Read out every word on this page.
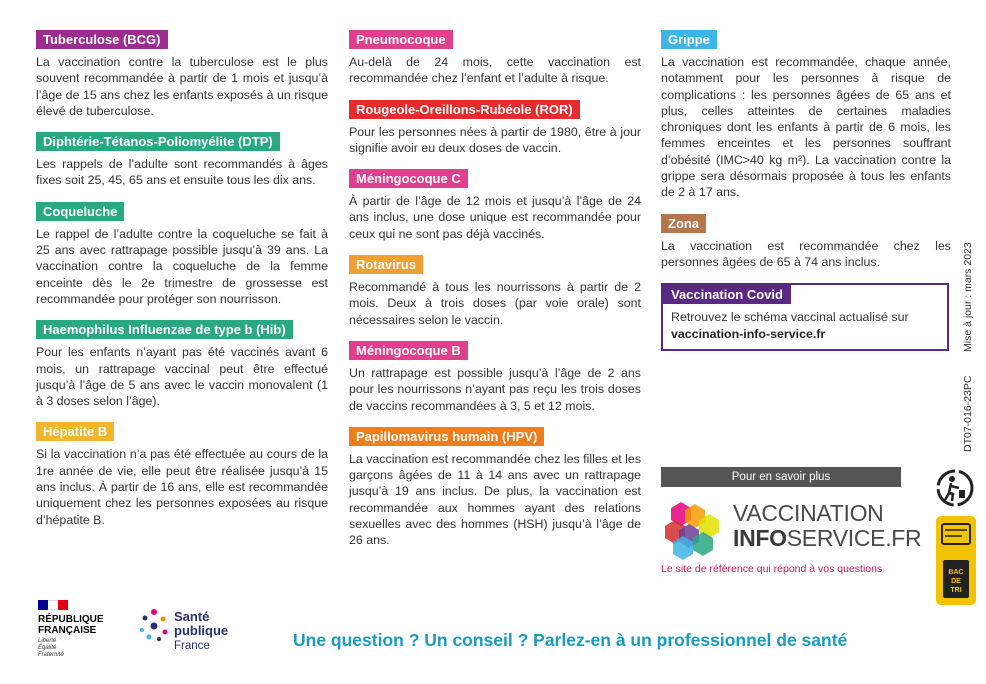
Tuberculose (BCG)

La vaccination contre la tuberculose est le plus souvent recommandée à partir de 1 mois et jusqu’à l’âge de 15 ans chez les enfants exposés à un risque élevé de tuberculose.

Diphtérie-Tétanos-Poliomyélite (DTP)

Les rappels de l’adulte sont recommandés à âges fixes soit 25, 45, 65 ans et ensuite tous les dix ans.

Coqueluche

Le rappel de l’adulte contre la coqueluche se fait à 25 ans avec rattrapage possible jusqu’à 39 ans. La vaccination contre la coqueluche de la femme enceinte dès le 2e trimestre de grossesse est recommandée pour protéger son nourrisson.

Haemophilus Influenzae de type b (Hib)

Pour les enfants n’ayant pas été vaccinés avant 6 mois, un rattrapage vaccinal peut être effectué jusqu’à l’âge de 5 ans avec le vaccin monovalent (1 à 3 doses selon l’âge).

Hépatite B

Si la vaccination n’a pas été effectuée au cours de la 1re année de vie, elle peut être réalisée jusqu’à 15 ans inclus. À partir de 16 ans, elle est recommandée uniquement chez les personnes exposées au risque d’hépatite B.

Pneumocoque

Au-delà de 24 mois, cette vaccination est recommandée chez l’enfant et l’adulte à risque.

Rougeole-Oreillons-Rubéole (ROR)

Pour les personnes nées à partir de 1980, être à jour signifie avoir eu deux doses de vaccin.

Méningocoque C

À partir de l’âge de 12 mois et jusqu’à l’âge de 24 ans inclus, une dose unique est recommandée pour ceux qui ne sont pas déjà vaccinés.

Rotavirus

Recommandé à tous les nourrissons à partir de 2 mois. Deux à trois doses (par voie orale) sont nécessaires selon le vaccin.

Méningocoque B

Un rattrapage est possible jusqu’à l’âge de 2 ans pour les nourrissons n’ayant pas reçu les trois doses de vaccins recommandées à 3, 5 et 12 mois.

Papillomavirus humain (HPV)

La vaccination est recommandée chez les filles et les garçons âgées de 11 à 14 ans avec un rattrapage jusqu’à 19 ans inclus. De plus, la vaccination est recommandée aux hommes ayant des relations sexuelles avec des hommes (HSH) jusqu’à l’âge de 26 ans.

Grippe

La vaccination est recommandée, chaque année, notamment pour les personnes à risque de complications : les personnes âgées de 65 ans et plus, celles atteintes de certaines maladies chroniques dont les enfants à partir de 6 mois, les femmes enceintes et les personnes souffrant d’obésité (IMC>40 kg m²). La vaccination contre la grippe sera désormais proposée à tous les enfants de 2 à 17 ans.

Zona

La vaccination est recommandée chez les personnes âgées de 65 à 74 ans inclus.

Vaccination Covid
Retrouvez le schéma vaccinal actualisé sur vaccination-info-service.fr	Mise à jour : mars 2023
DT07-016-23PC
Pour en savoir plus
VACCINATION
INFOSERVICE.FR
Le site de référence qui répond à vos questions	BAC
DE
TRI
RÉPUBLIQUE
FRANÇAISE
Liberté
Égalité
Fraternité
Santé
publique
France	Une question ? Un conseil ? Parlez-en à un professionnel de santé
